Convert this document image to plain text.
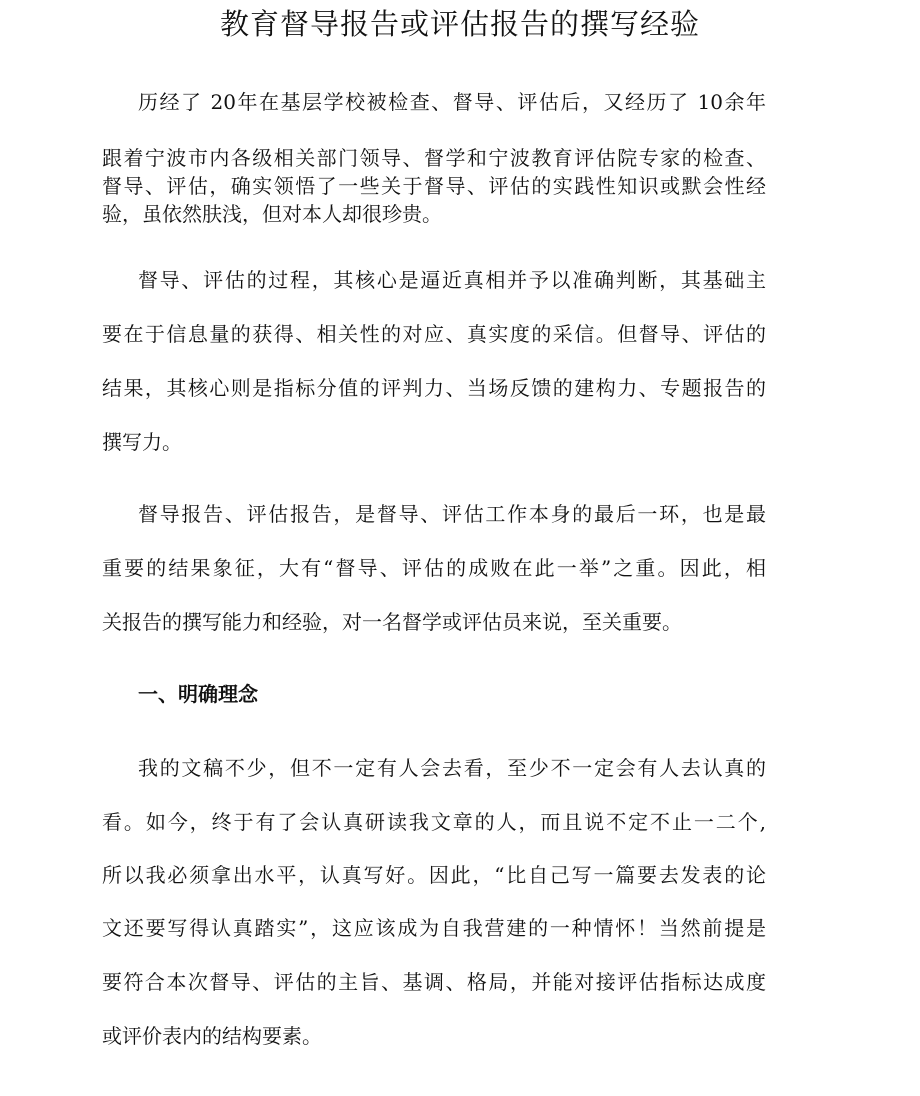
教育督导报告或评估报告的撰写经验
历经了 20年在基层学校被检查、督导、评估后，又经历了 10余年
跟着宁波市内各级相关部门领导、督学和宁波教育评估院专家的检查、
督导、评估，确实领悟了一些关于督导、评估的实践性知识或默会性经
验，虽依然肤浅，但对本人却很珍贵。
督导、评估的过程，其核心是逼近真相并予以准确判断，其基础主
要在于信息量的获得、相关性的对应、真实度的采信。但督导、评估的
结果，其核心则是指标分值的评判力、当场反馈的建构力、专题报告的
撰写力。
督导报告、评估报告，是督导、评估工作本身的最后一环，也是最
重要的结果象征，大有“督导、评估的成败在此一举”之重。因此，相
关报告的撰写能力和经验，对一名督学或评估员来说，至关重要。
一、明确理念
我的文稿不少，但不一定有人会去看，至少不一定会有人去认真的
看。如今，终于有了会认真研读我文章的人，而且说不定不止一二个,
所以我必须拿出水平，认真写好。因此，“比自己写一篇要去发表的论
文还要写得认真踏实”，这应该成为自我营建的一种情怀！当然前提是
要符合本次督导、评估的主旨、基调、格局，并能对接评估指标达成度
或评价表内的结构要素。
